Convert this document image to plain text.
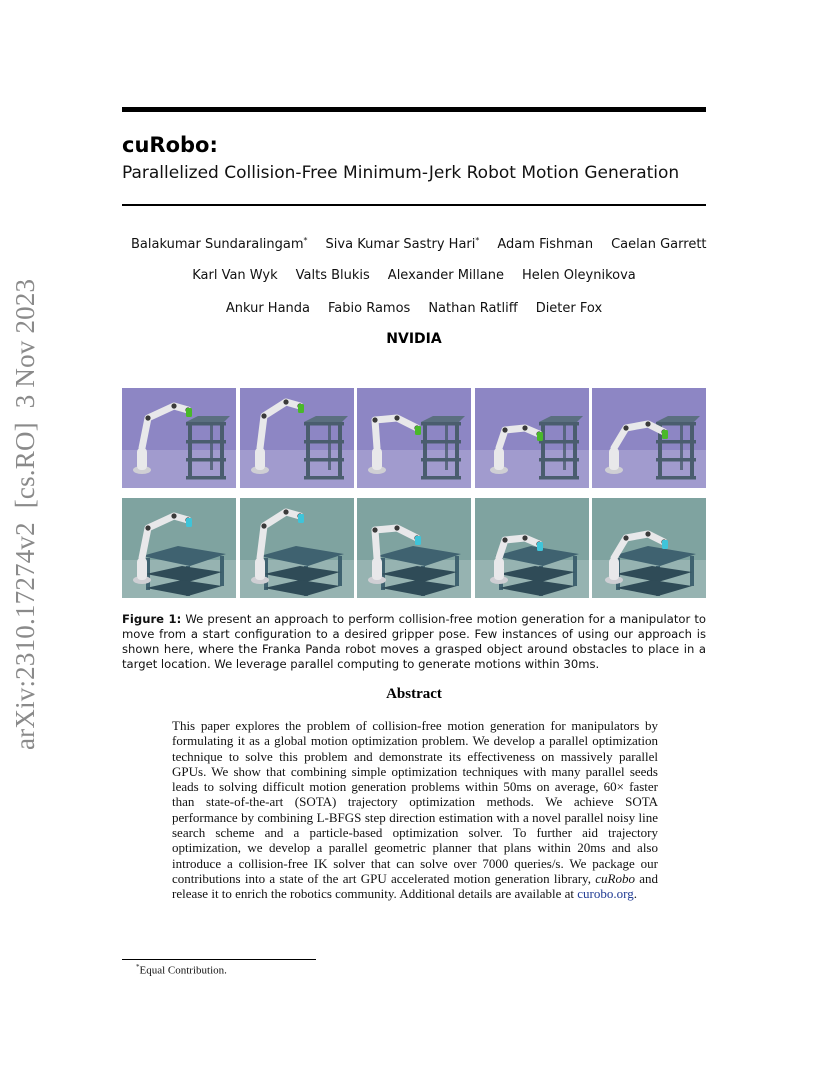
arXiv:2310.17274v2  [cs.RO]  3 Nov 2023
cuRobo:
Parallelized Collision-Free Minimum-Jerk Robot Motion Generation
Balakumar Sundaralingam* Siva Kumar Sastry Hari* Adam Fishman Caelan Garrett
Karl Van Wyk Valts Blukis Alexander Millane Helen Oleynikova
Ankur Handa Fabio Ramos Nathan Ratliff Dieter Fox
NVIDIA
Figure 1: We present an approach to perform collision-free motion generation for a manipulator to move from a start configuration to a desired gripper pose. Few instances of using our approach is shown here, where the Franka Panda robot moves a grasped object around obstacles to place in a target location. We leverage parallel computing to generate motions within 30ms.
Abstract
This paper explores the problem of collision-free motion generation for manipulators by formulating it as a global motion optimization problem. We develop a parallel optimization technique to solve this problem and demonstrate its effectiveness on massively parallel GPUs. We show that combining simple optimization techniques with many parallel seeds leads to solving difficult motion generation problems within 50ms on average, 60× faster than state-of-the-art (SOTA) trajectory optimization methods. We achieve SOTA performance by combining L-BFGS step direction estimation with a novel parallel noisy line search scheme and a particle-based optimization solver. To further aid trajectory optimization, we develop a parallel geometric planner that plans within 20ms and also introduce a collision-free IK solver that can solve over 7000 queries/s. We package our contributions into a state of the art GPU accelerated motion generation library, cuRobo and release it to enrich the robotics community. Additional details are available at curobo.org.
*Equal Contribution.
